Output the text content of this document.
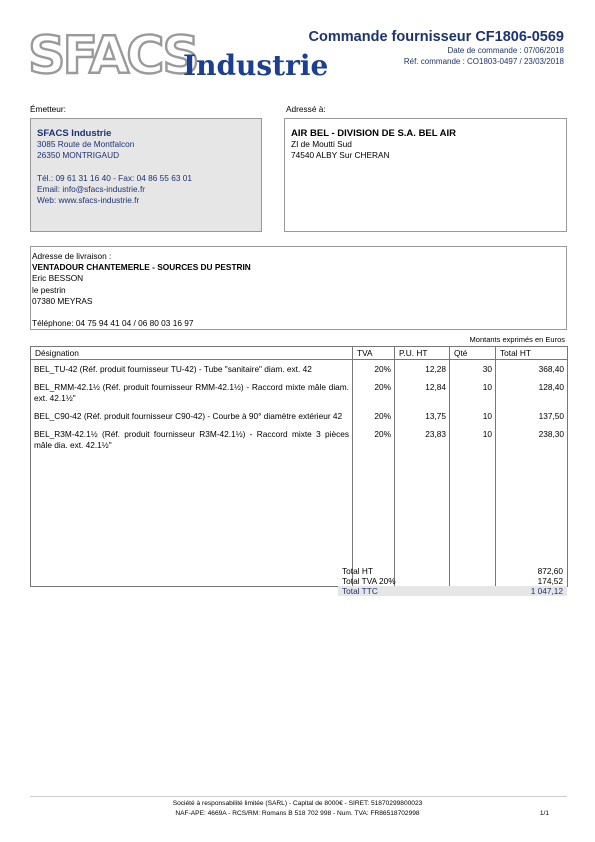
SFACS
Industrie
Commande fournisseur CF1806-0569
Date de commande : 07/06/2018
Réf. commande : CO1803-0497 / 23/03/2018
Émetteur:
SFACS Industrie
3085 Route de Montfalcon
26350 MONTRIGAUD
Tél.: 09 61 31 16 40 - Fax: 04 86 55 63 01
Email: info@sfacs-industrie.fr
Web: www.sfacs-industrie.fr
Adressé à:
AIR BEL - DIVISION DE S.A. BEL AIR
ZI de Moutti Sud
74540 ALBY Sur CHERAN
Adresse de livraison :
VENTADOUR CHANTEMERLE - SOURCES DU PESTRIN
Eric BESSON
le pestrin
07380 MEYRAS
Téléphone: 04 75 94 41 04 / 06 80 03 16 97
Montants exprimés en Euros
Désignation	TVA	P.U. HT	Qté	Total HT
BEL_TU-42 (Réf. produit fournisseur TU-42) - Tube "sanitaire" diam. ext. 42	20%	12,28	30	368,40
BEL_RMM-42.1½ (Réf. produit fournisseur RMM-42.1½) - Raccord mixte mâle diam. ext. 42.1½"	20%	12,84	10	128,40
BEL_C90-42 (Réf. produit fournisseur C90-42) - Courbe à 90° diamètre extérieur 42	20%	13,75	10	137,50
BEL_R3M-42.1½ (Réf. produit fournisseur R3M-42.1½) - Raccord mixte 3 pièces mâle dia. ext. 42.1½"	20%	23,83	10	238,30

Total HT	872,60
Total TVA 20%	174,52
Total TTC	1 047,12
Société à responsabilité limitée (SARL) - Capital de 8000€ - SIRET: 51870299800023
NAF-APE: 4669A - RCS/RM: Romans B 518 702 998 - Num. TVA: FR86518702998	1/1
